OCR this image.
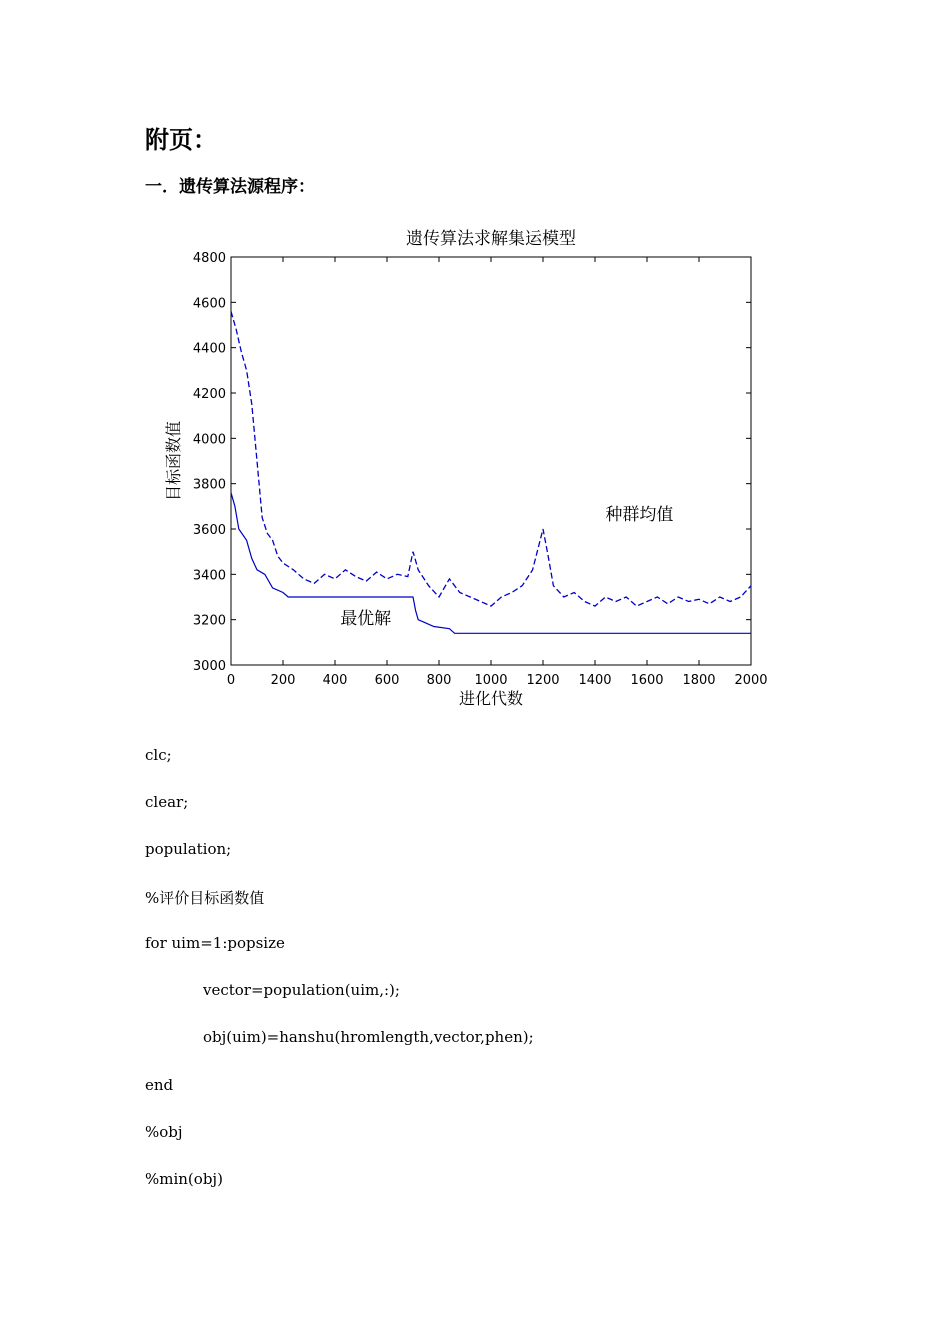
附页：
一．遗传算法源程序：
遗传算法求解集运模型
0	200 400 600 800 1000 1200 1400 1600 1800 2000
3000
3200
3400
3600
3800
4000
4200
4400
4600
4800
进化代数
目标函数值
种群均值
最优解
clc;
clear;
population;
%评价目标函数值
for uim=1:popsize
vector=population(uim,:);
obj(uim)=hanshu(hromlength,vector,phen);
end
%obj
%min(obj)
